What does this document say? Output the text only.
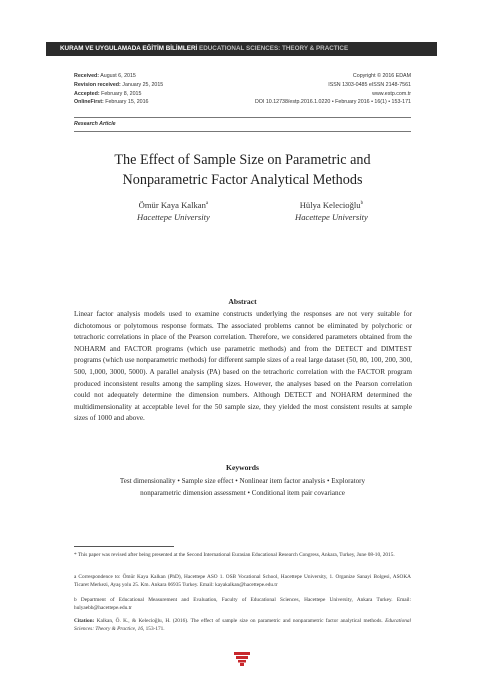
KURAM VE UYGULAMADA EĞİTİM BİLİMLERİ EDUCATIONAL SCIENCES: THEORY & PRACTICE
Received: August 6, 2015
Revision received: January 25, 2015
Accepted: February 8, 2015
OnlineFirst: February 15, 2016
Copyright © 2016 EDAM
ISSN 1303-0485 eISSN 2148-7561
www.estp.com.tr
DOI 10.12738/estp.2016.1.0220 • February 2016 • 16(1) • 153-171
Research Article
The Effect of Sample Size on Parametric and
Nonparametric Factor Analytical Methods
Ömür Kaya Kalkan$^a$
Hacettepe University
Hülya Kelecioğlu$^b$
Hacettepe University
Abstract
Linear factor analysis models used to examine constructs underlying the responses are not very suitable for dichotomous or polytomous response formats. The associated problems cannot be eliminated by polychoric or tetrachoric correlations in place of the Pearson correlation. Therefore, we considered parameters obtained from the NOHARM and FACTOR programs (which use parametric methods) and from the DETECT and DIMTEST programs (which use nonparametric methods) for different sample sizes of a real large dataset (50, 80, 100, 200, 300, 500, 1,000, 3000, 5000). A parallel analysis (PA) based on the tetrachoric correlation with the FACTOR program produced inconsistent results among the sampling sizes. However, the analyses based on the Pearson correlation could not adequately determine the dimension numbers. Although DETECT and NOHARM determined the multidimensionality at acceptable level for the 50 sample size, they yielded the most consistent results at sample sizes of 1000 and above.
Keywords
Test dimensionality • Sample size effect • Nonlinear item factor analysis • Exploratory nonparametric dimension assessment • Conditional item pair covariance
* This paper was revised after being presented at the Second International Eurasian Educational Research Congress, Ankara, Turkey, June 08-10, 2015.
a Correspondence to: Ömür Kaya Kalkan (PhD), Hacettepe ASO 1. OSB Vocational School, Hacettepe University, 1. Organize Sanayi Bolgesi, ASOKA Ticaret Merkezi, Ayaş yolu 25. Km. Ankara 06935 Turkey. Email: kayakalkan@hacettepe.edu.tr
b Department of Educational Measurement and Evaluation, Faculty of Educational Sciences, Hacettepe University, Ankara Turkey. Email: hulyaebb@hacettepe.edu.tr
Citation: Kalkan, Ö. K., & Kelecioğlu, H. (2016). The effect of sample size on parametric and nonparametric factor analytical methods. Educational Sciences: Theory & Practice, 16, 153-171.
